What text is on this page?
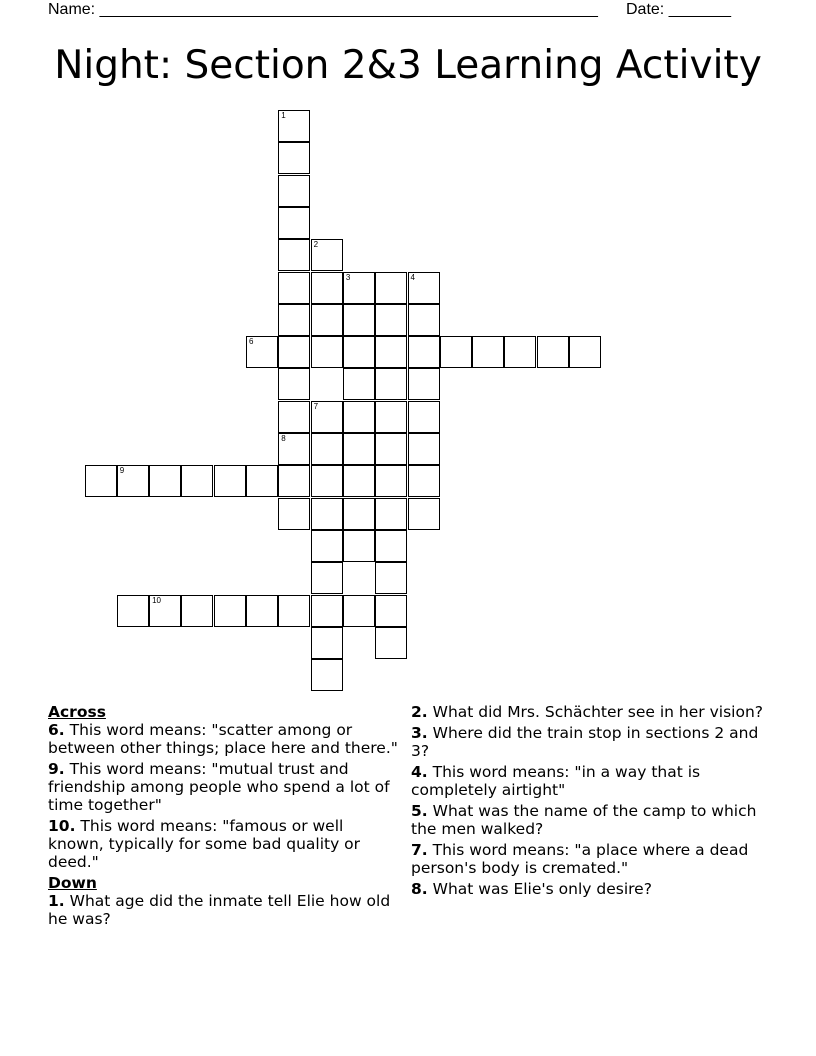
Name: ________________________________________________________ Date: _______
Night: Section 2&3 Learning Activity
1
8
2
3	4
6
7
9
10

Across

6. This word means: "scatter among or between other things; place here and there."

9. This word means: "mutual trust and friendship among people who spend a lot of time together"

10. This word means: "famous or well known, typically for some bad quality or deed."

Down

1. What age did the inmate tell Elie how old he was?

2. What did Mrs. Schächter see in her vision?

3. Where did the train stop in sections 2 and 3?

4. This word means: "in a way that is completely airtight"

5. What was the name of the camp to which the men walked?

7. This word means: "a place where a dead person's body is cremated."

8. What was Elie's only desire?
